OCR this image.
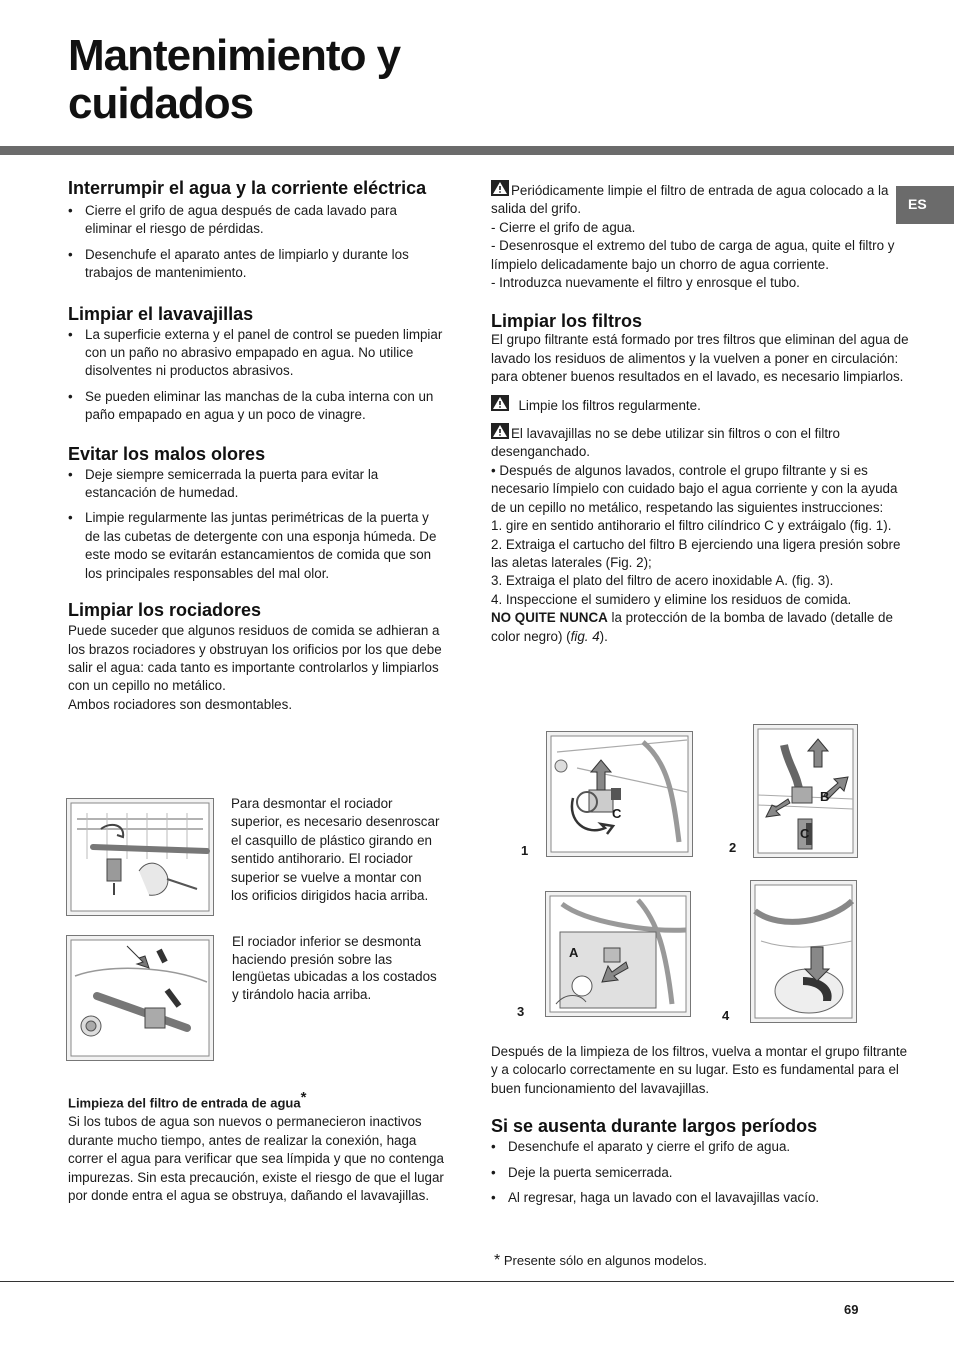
Mantenimiento y
cuidados
ES
Interrumpir el agua y la corriente eléctrica
• Cierre el grifo de agua después de cada lavado para eliminar el riesgo de pérdidas.
• Desenchufe el aparato antes de limpiarlo y durante los trabajos de mantenimiento.
Limpiar el lavavajillas
• La superficie externa y el panel de control se pueden limpiar con un paño no abrasivo empapado en agua. No utilice disolventes ni productos abrasivos.
• Se pueden eliminar las manchas de la cuba interna con un paño empapado en agua y un poco de vinagre.
Evitar los malos olores
• Deje siempre semicerrada la puerta para evitar la estancación de humedad.
• Limpie regularmente las juntas perimétricas de la puerta y de las cubetas de detergente con una esponja húmeda. De este modo se evitarán estancamientos de comida que son los principales responsables del mal olor.
Limpiar los rociadores

Puede suceder que algunos residuos de comida se adhieran a los brazos rociadores y obstruyan los orificios por los que debe salir el agua: cada tanto es importante controlarlos y limpiarlos con un cepillo no metálico.

Ambos rociadores son desmontables.

Para desmontar el rociador superior, es necesario desenroscar el casquillo de plástico girando en sentido antihorario. El rociador superior se vuelve a montar con los orificios dirigidos hacia arriba.
El rociador inferior se desmonta haciendo presión sobre las lengüetas ubicadas a los costados y tirándolo hacia arriba.
Limpieza del filtro de entrada de agua*

Si los tubos de agua son nuevos o permanecieron inactivos durante mucho tiempo, antes de realizar la conexión, haga correr el agua para verificar que sea límpida y que no contenga impurezas. Sin esta precaución, existe el riesgo de que el lugar por donde entra el agua se obstruya, dañando el lavavajillas.

Periódicamente limpie el filtro de entrada de agua colocado a la salida del grifo.

- Cierre el grifo de agua.

- Desenrosque el extremo del tubo de carga de agua, quite el filtro y límpielo delicadamente bajo un chorro de agua corriente.

- Introduzca nuevamente el filtro y enrosque el tubo.

Limpiar los filtros

El grupo filtrante está formado por tres filtros que eliminan del agua de lavado los residuos de alimentos y la vuelven a poner en circulación: para obtener buenos resultados en el lavado, es necesario limpiarlos.

Limpie los filtros regularmente.

El lavavajillas no se debe utilizar sin filtros o con el filtro desenganchado.

• Después de algunos lavados, controle el grupo filtrante y si es necesario límpielo con cuidado bajo el agua corriente y con la ayuda de un cepillo no metálico, respetando las siguientes instrucciones:

1. gire en sentido antihorario el filtro cilíndrico C y extráigalo (fig. 1).

2. Extraiga el cartucho del filtro B ejerciendo una ligera presión sobre las aletas laterales (Fig. 2);

3. Extraiga el plato del filtro de acero inoxidable A. (fig. 3).

4. Inspeccione el sumidero y elimine los residuos de comida.

NO QUITE NUNCA la protección de la bomba de lavado (detalle de color negro) (fig. 4).

C
1
B
C
2
A
3	4

Después de la limpieza de los filtros, vuelva a montar el grupo filtrante y a colocarlo correctamente en su lugar. Esto es fundamental para el buen funcionamiento del lavavajillas.

Si se ausenta durante largos períodos
• Desenchufe el aparato y cierre el grifo de agua.
• Deje la puerta semicerrada.
• Al regresar, haga un lavado con el lavavajillas vacío.
* Presente sólo en algunos modelos.
69
